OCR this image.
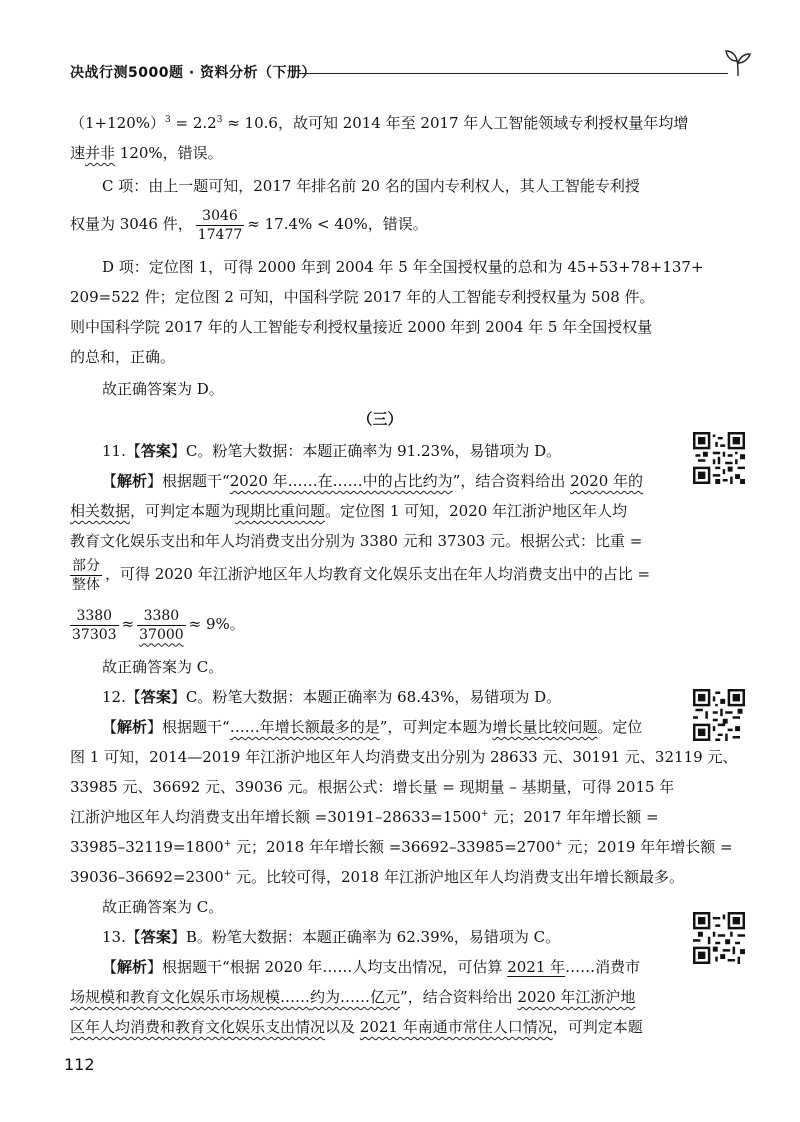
决战行测5000题 · 资料分析（下册）
$(1+120\%)^3 = 2.2^3 \approx 10.6$，故可知 2014 年至 2017 年人工智能领域专利授权量年均增
速并非 120%，错误。
C 项：由上一题可知，2017 年排名前 20 名的国内专利权人，其人工智能专利授
权量为 3046 件， $\frac{3046}{17477} \approx 17.4\% < 40\%$，错误。
D 项：定位图 1，可得 2000 年到 2004 年 5 年全国授权量的总和为 45+53+78+137+
209=522 件；定位图 2 可知，中国科学院 2017 年的人工智能专利授权量为 508 件。
则中国科学院 2017 年的人工智能专利授权量接近 2000 年到 2004 年 5 年全国授权量
的总和，正确。
故正确答案为 D。
（三）
11.【答案】C。粉笔大数据：本题正确率为 91.23%，易错项为 D。
【解析】根据题干“2020 年……在……中的占比约为”，结合资料给出 2020 年的
相关数据，可判定本题为现期比重问题。定位图 1 可知，2020 年江浙沪地区年人均
教育文化娱乐支出和年人均消费支出分别为 3380 元和 37303 元。根据公式：比重 =
$\frac{\text{部分}}{\text{整体}}$ ，可得 2020 年江浙沪地区年人均教育文化娱乐支出在年人均消费支出中的占比 =
$\frac{3380}{37303} \approx \frac{3380}{37000} \approx 9\%$。
故正确答案为 C。
12.【答案】C。粉笔大数据：本题正确率为 68.43%，易错项为 D。
【解析】根据题干“……年增长额最多的是”，可判定本题为增长量比较问题。定位
图 1 可知，2014—2019 年江浙沪地区年人均消费支出分别为 28633 元、30191 元、32119 元、
33985 元、36692 元、39036 元。根据公式：增长量 = 现期量 – 基期量，可得 2015 年
江浙沪地区年人均消费支出年增长额 =30191–28633=1500+ 元；2017 年年增长额 =
33985–32119=1800+ 元；2018 年年增长额 =36692–33985=2700+ 元；2019 年年增长额 =
39036–36692=2300+ 元。比较可得，2018 年江浙沪地区年人均消费支出年增长额最多。
故正确答案为 C。
13.【答案】B。粉笔大数据：本题正确率为 62.39%，易错项为 C。
【解析】根据题干“根据 2020 年……人均支出情况，可估算 2021 年……消费市
场规模和教育文化娱乐市场规模……约为……亿元”，结合资料给出 2020 年江浙沪地
区年人均消费和教育文化娱乐支出情况以及 2021 年南通市常住人口情况，可判定本题
112
